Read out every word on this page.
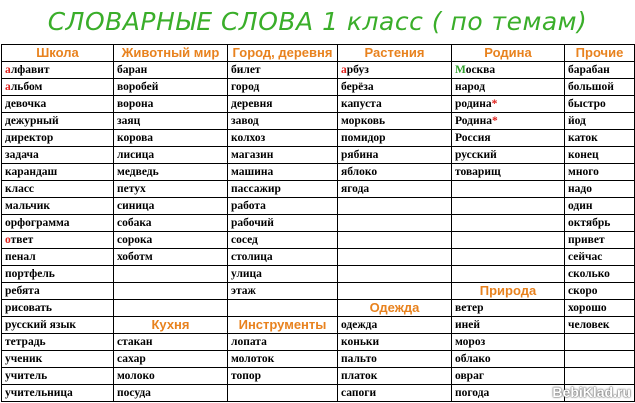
СЛОВАРНЫЕ СЛОВА 1 класс ( по темам)
Школа	Животный мир	Город, деревня	Растения	Родина	Прочие
алфавит	баран	билет	арбуз	Москва	барабан
альбом	воробей	город	берёза	народ	большой
девочка	ворона	деревня	капуста	родина*	быстро
дежурный	заяц	завод	морковь	Родина*	йод
директор	корова	колхоз	помидор	Россия	каток
задача	лисица	магазин	рябина	русский	конец
карандаш	медведь	машина	яблоко	товарищ	много
класс	петух	пассажир	ягода		надо
мальчик	синица	работа			один
орфограмма	собака	рабочий			октябрь
ответ	сорока	сосед			привет
пенал	хоботм	столица			сейчас
портфель		улица			сколько
ребята		этаж		Природа	скоро
рисовать			Одежда	ветер	хорошо
русский язык	Кухня	Инструменты	одежда	иней	человек
тетрадь	стакан	лопата	коньки	мороз	
ученик	сахар	молоток	пальто	облако	
учитель	молоко	топор	платок	овраг	
учительница	посуда		сапоги	погода		BebiKlad.ru
